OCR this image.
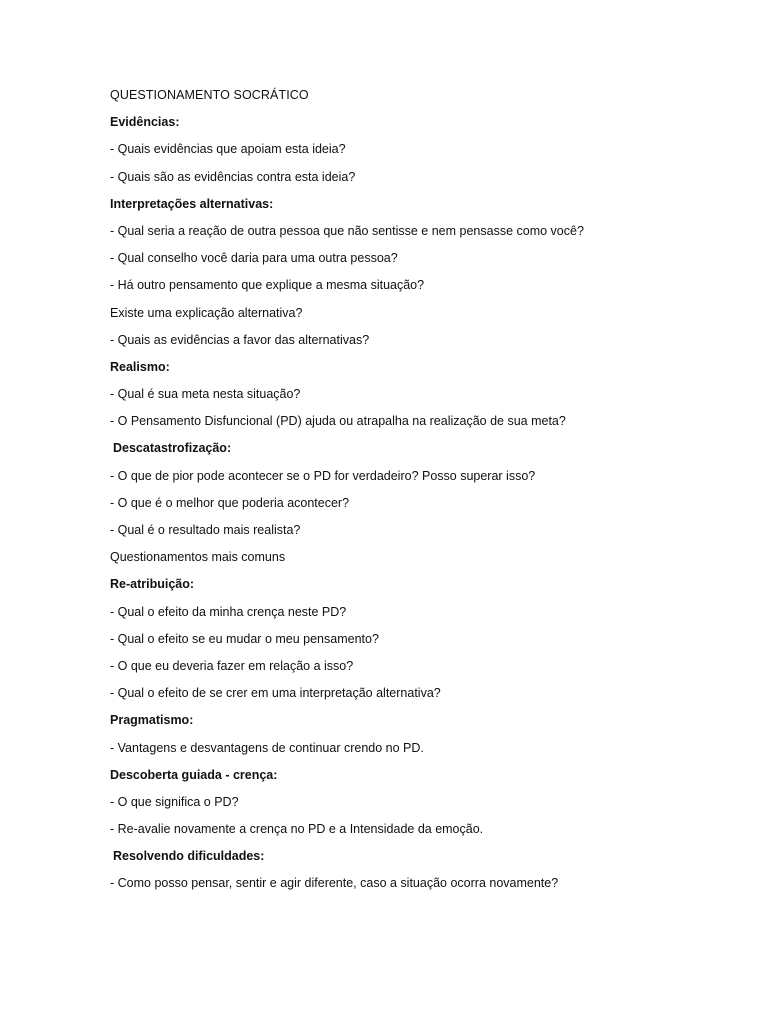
QUESTIONAMENTO SOCRÁTICO
Evidências:
- Quais evidências que apoiam esta ideia?
- Quais são as evidências contra esta ideia?
Interpretações alternativas:
- Qual seria a reação de outra pessoa que não sentisse e nem pensasse como você?
- Qual conselho você daria para uma outra pessoa?
- Há outro pensamento que explique a mesma situação?
Existe uma explicação alternativa?
- Quais as evidências a favor das alternativas?
Realismo:
- Qual é sua meta nesta situação?
- O Pensamento Disfuncional (PD) ajuda ou atrapalha na realização de sua meta?
Descatastrofização:
- O que de pior pode acontecer se o PD for verdadeiro? Posso superar isso?
- O que é o melhor que poderia acontecer?
- Qual é o resultado mais realista?
Questionamentos mais comuns
Re-atribuição:
- Qual o efeito da minha crença neste PD?
- Qual o efeito se eu mudar o meu pensamento?
- O que eu deveria fazer em relação a isso?
- Qual o efeito de se crer em uma interpretação alternativa?
Pragmatismo:
- Vantagens e desvantagens de continuar crendo no PD.
Descoberta guiada - crença:
- O que significa o PD?
- Re-avalie novamente a crença no PD e a Intensidade da emoção.
Resolvendo dificuldades:
- Como posso pensar, sentir e agir diferente, caso a situação ocorra novamente?
